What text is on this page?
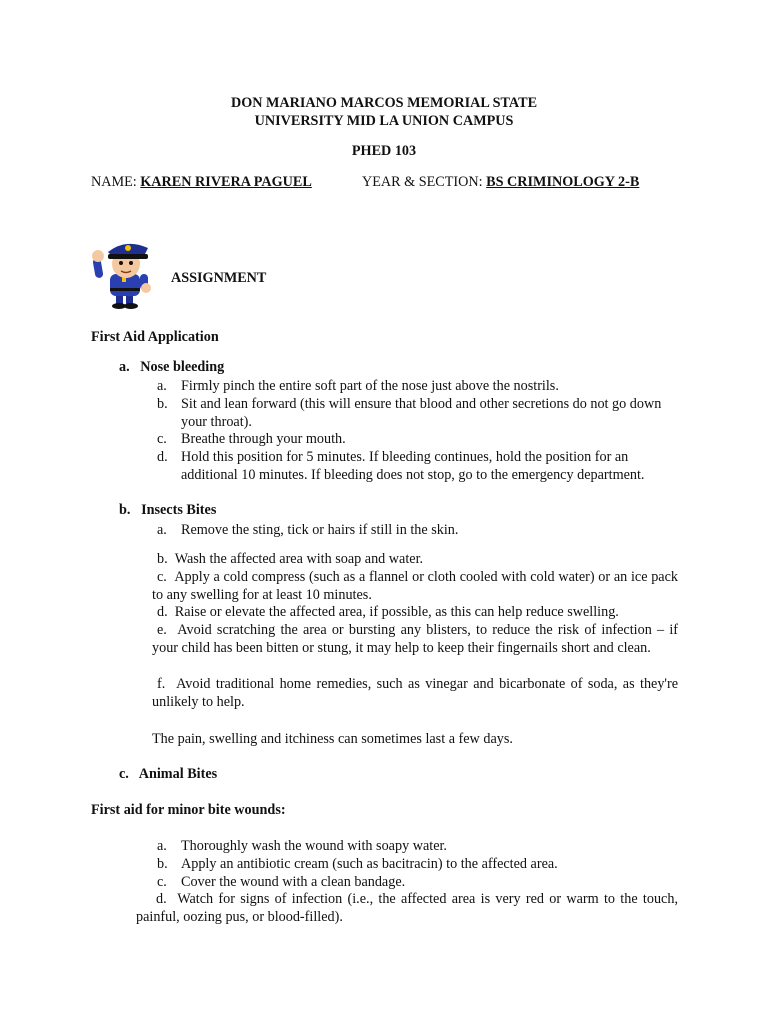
DON MARIANO MARCOS MEMORIAL STATE
UNIVERSITY MID LA UNION CAMPUS
PHED 103
NAME: KAREN RIVERA PAGUEL	YEAR & SECTION: BS CRIMINOLOGY 2-B
ASSIGNMENT
First Aid Application
a. Nose bleeding
a. Firmly pinch the entire soft part of the nose just above the nostrils.
b. Sit and lean forward (this will ensure that blood and other secretions do not go down
your throat).
c. Breathe through your mouth.
d. Hold this position for 5 minutes. If bleeding continues, hold the position for an
additional 10 minutes. If bleeding does not stop, go to the emergency department.
b. Insects Bites
a. Remove the sting, tick or hairs if still in the skin.
b. Wash the affected area with soap and water.
c. Apply a cold compress (such as a flannel or cloth cooled with cold water) or an ice pack to any swelling for at least 10 minutes.
d. Raise or elevate the affected area, if possible, as this can help reduce swelling.
e. Avoid scratching the area or bursting any blisters, to reduce the risk of infection – if your child has been bitten or stung, it may help to keep their fingernails short and clean.
f. Avoid traditional home remedies, such as vinegar and bicarbonate of soda, as they're unlikely to help.
The pain, swelling and itchiness can sometimes last a few days.
c. Animal Bites
First aid for minor bite wounds:
a. Thoroughly wash the wound with soapy water.
b. Apply an antibiotic cream (such as bacitracin) to the affected area.
c. Cover the wound with a clean bandage.
d. Watch for signs of infection (i.e., the affected area is very red or warm to the touch, painful, oozing pus, or blood-filled).
